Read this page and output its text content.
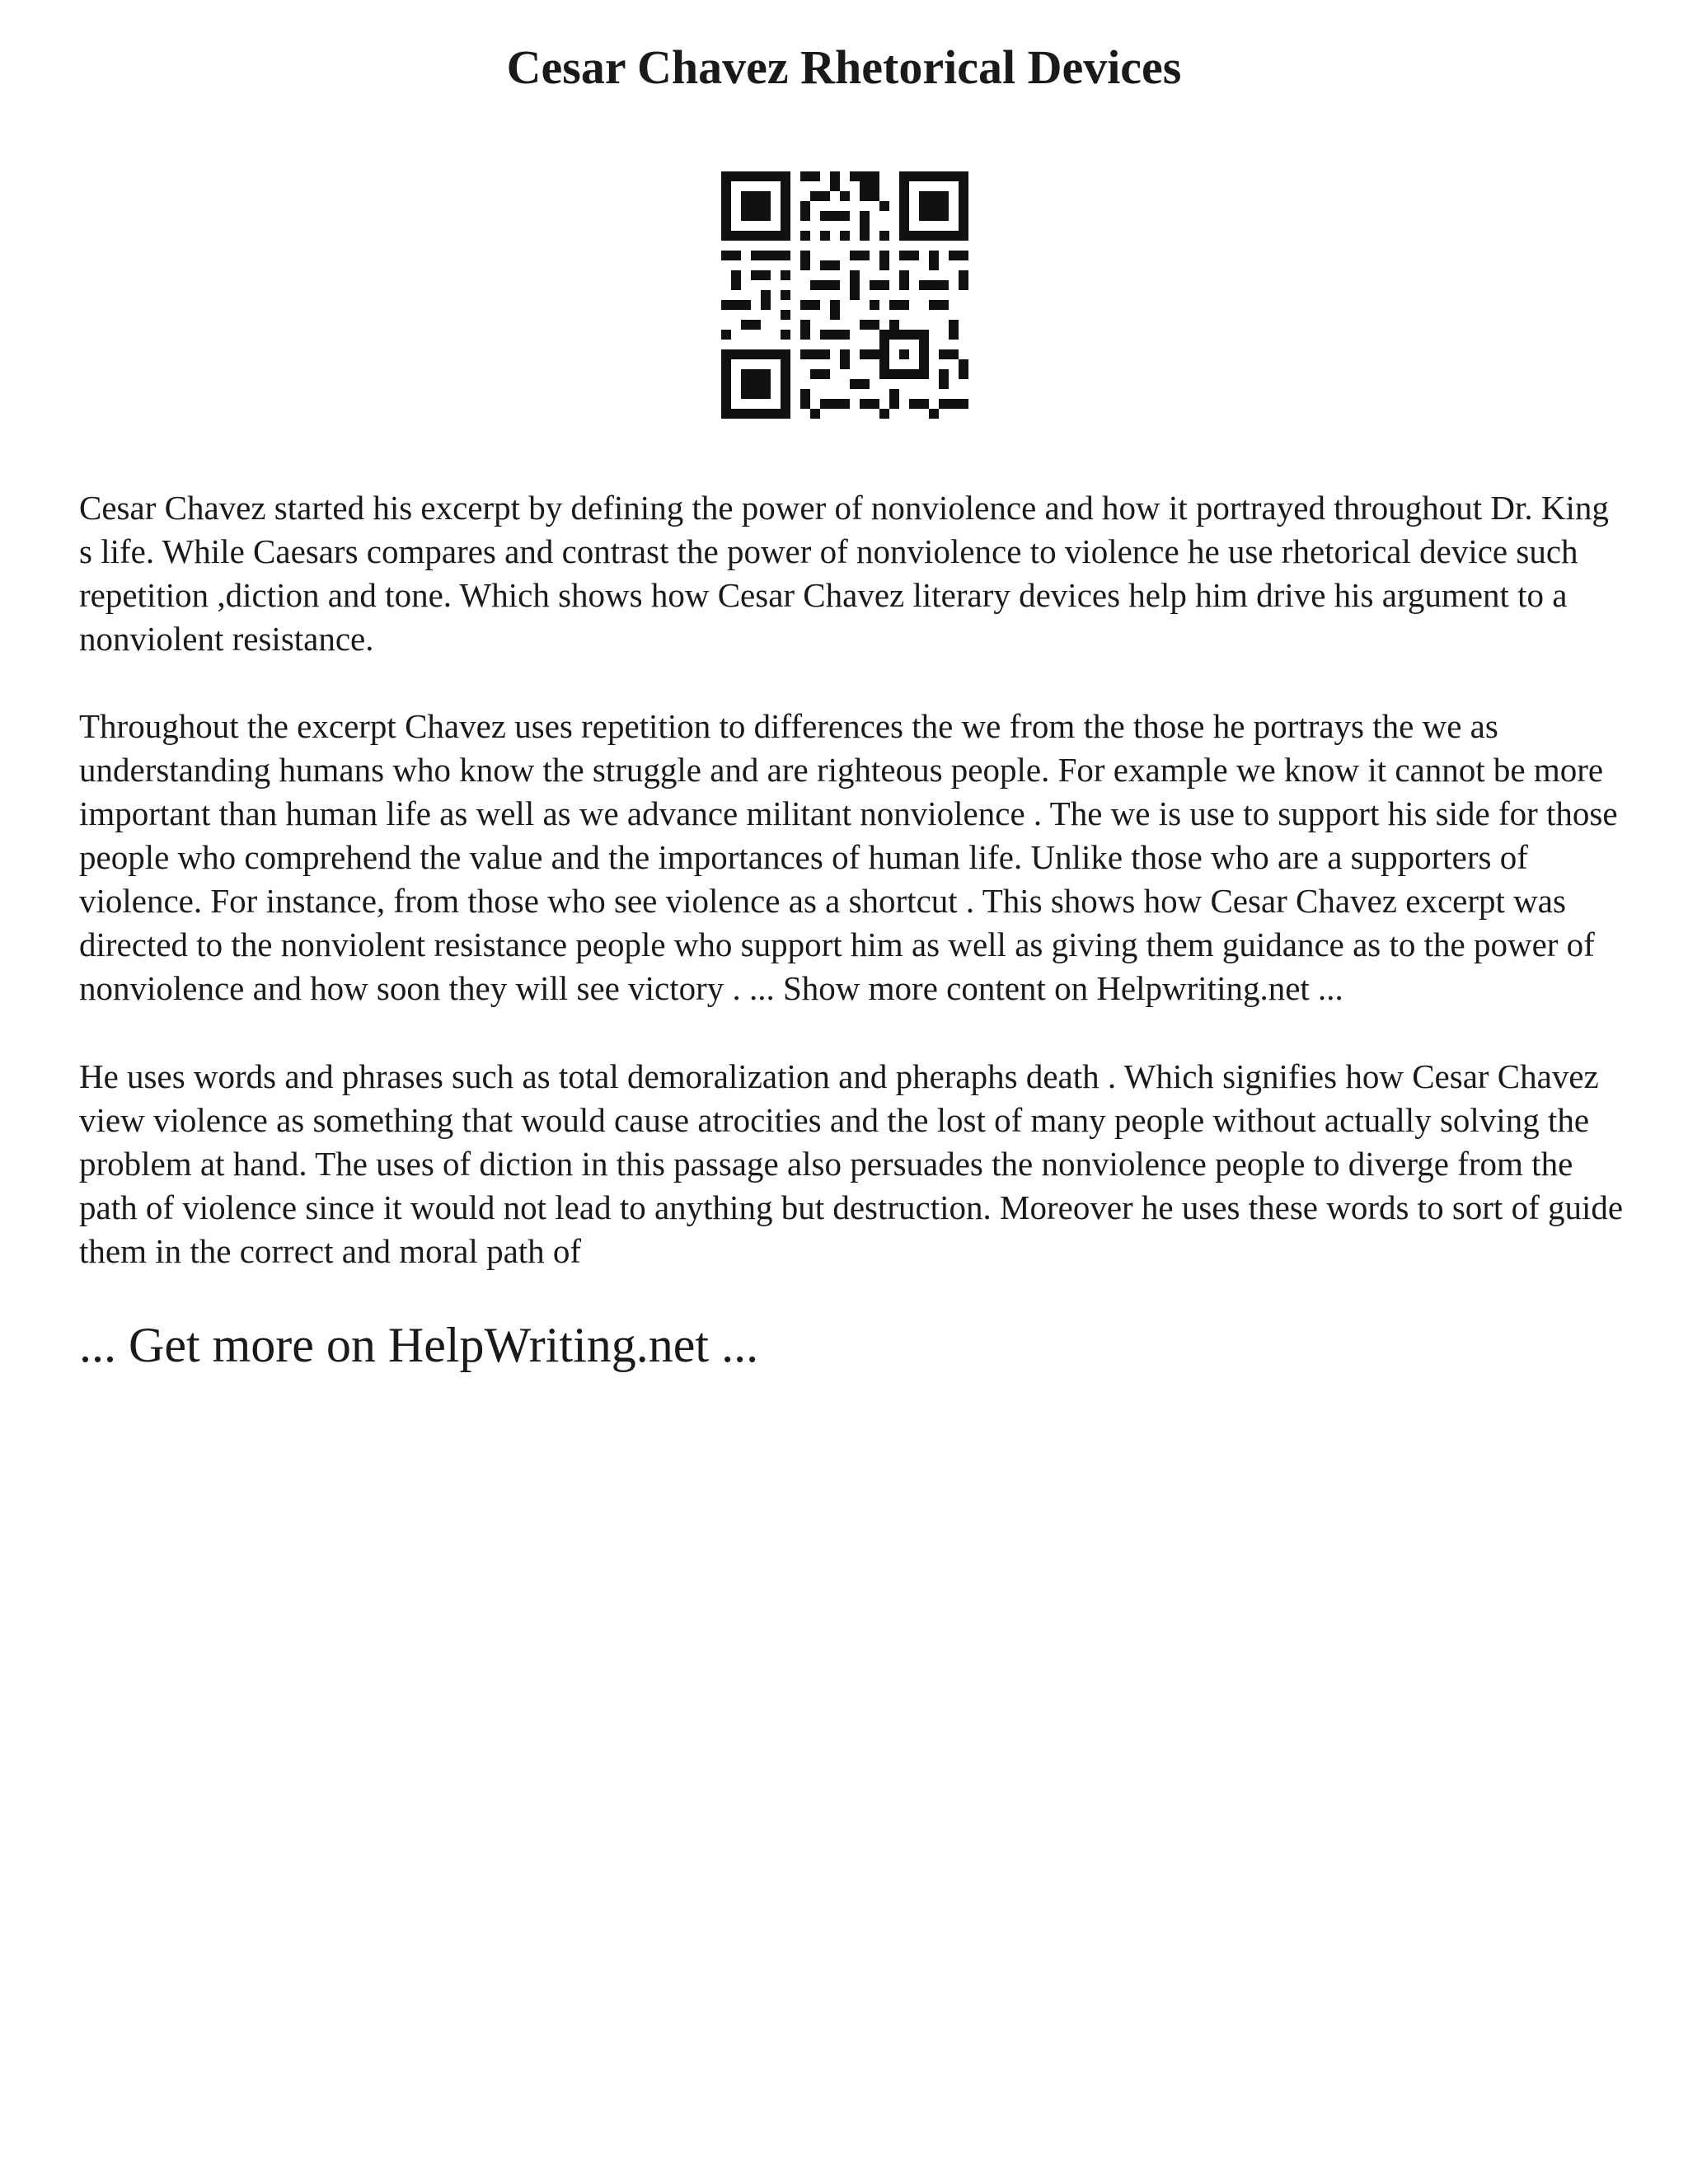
Cesar Chavez Rhetorical Devices

Cesar Chavez started his excerpt by defining the power of nonviolence and how it portrayed throughout Dr. King s life. While Caesars compares and contrast the power of nonviolence to violence he use rhetorical device such repetition ,diction and tone. Which shows how Cesar Chavez literary devices help him drive his argument to a nonviolent resistance.

Throughout the excerpt Chavez uses repetition to differences the we from the those he portrays the we as understanding humans who know the struggle and are righteous people. For example we know it cannot be more important than human life as well as we advance militant nonviolence . The we is use to support his side for those people who comprehend the value and the importances of human life. Unlike those who are a supporters of violence. For instance, from those who see violence as a shortcut . This shows how Cesar Chavez excerpt was directed to the nonviolent resistance people who support him as well as giving them guidance as to the power of nonviolence and how soon they will see victory . ... Show more content on Helpwriting.net ...

He uses words and phrases such as total demoralization and pheraphs death . Which signifies how Cesar Chavez view violence as something that would cause atrocities and the lost of many people without actually solving the problem at hand. The uses of diction in this passage also persuades the nonviolence people to diverge from the path of violence since it would not lead to anything but destruction. Moreover he uses these words to sort of guide them in the correct and moral path of

... Get more on HelpWriting.net ...
